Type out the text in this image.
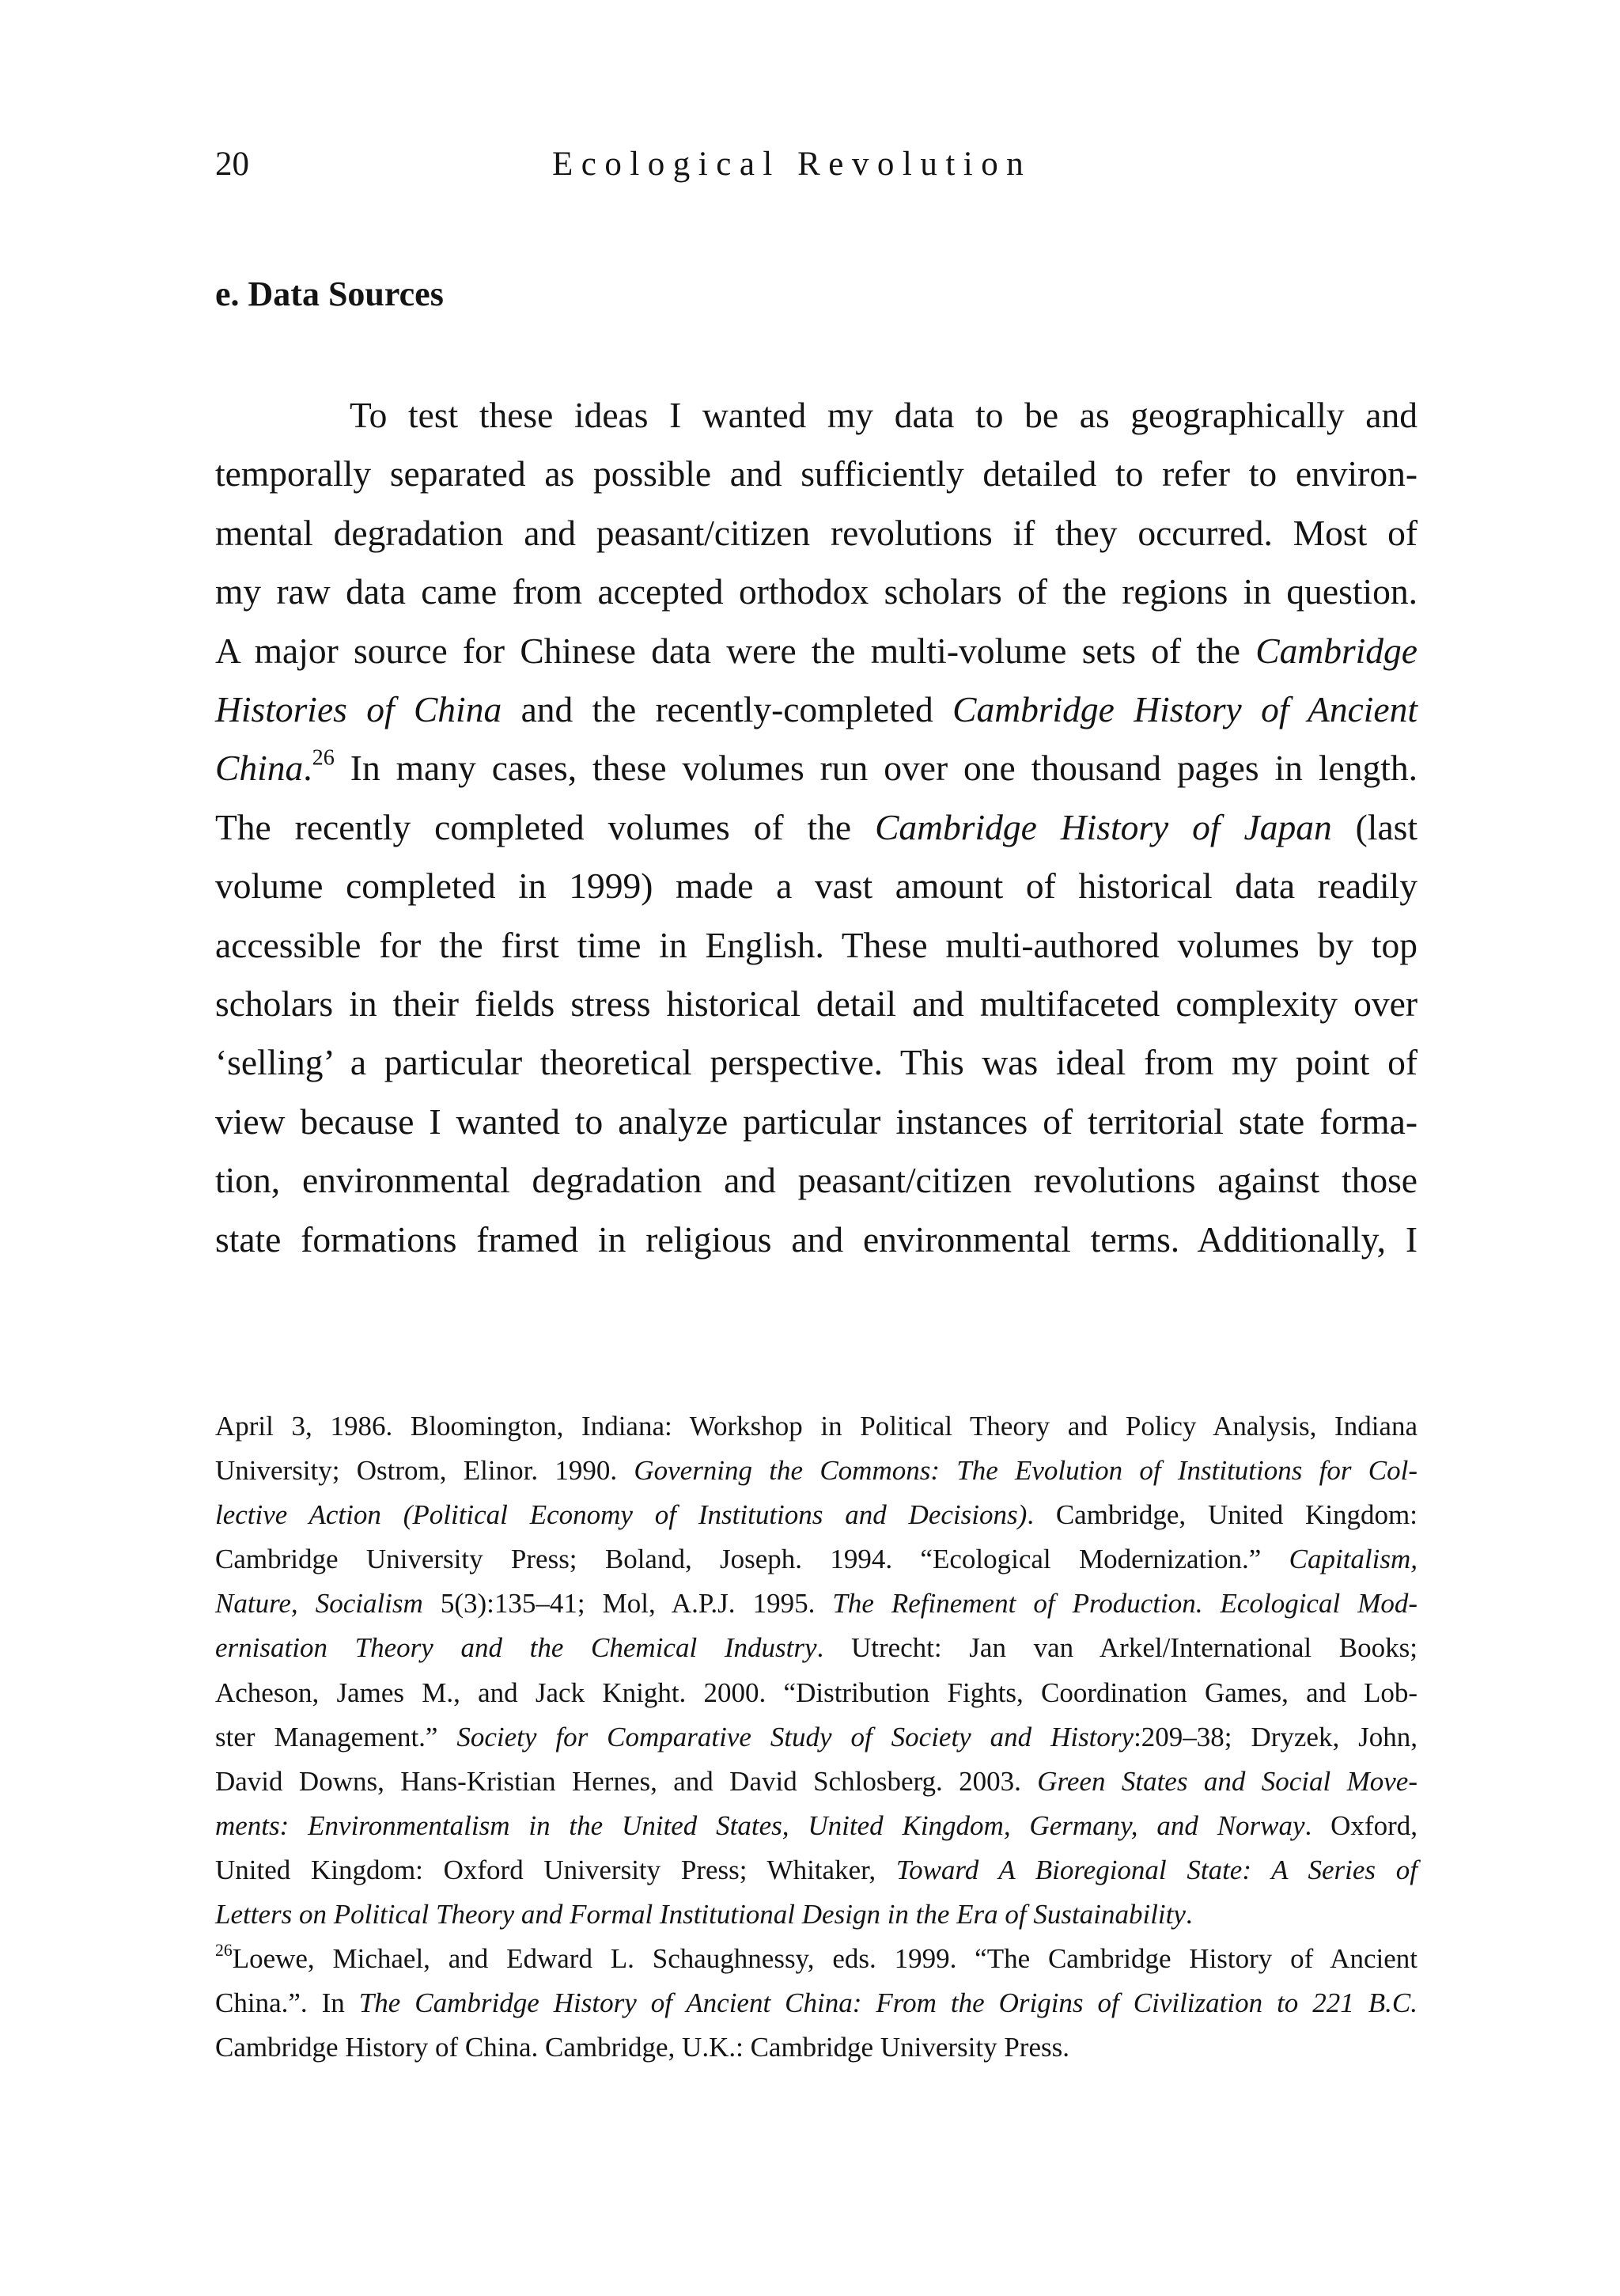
20	Ecological Revolution
e. Data Sources
To test these ideas I wanted my data to be as geographically and
temporally separated as possible and sufficiently detailed to refer to environ-
mental degradation and peasant/citizen revolutions if they occurred. Most of
my raw data came from accepted orthodox scholars of the regions in question.
A major source for Chinese data were the multi-volume sets of the Cambridge
Histories of China and the recently-completed Cambridge History of Ancient
China.$^{26}$ In many cases, these volumes run over one thousand pages in length.
The recently completed volumes of the Cambridge History of Japan (last
volume completed in 1999) made a vast amount of historical data readily
accessible for the first time in English. These multi-authored volumes by top
scholars in their fields stress historical detail and multifaceted complexity over
‘selling’ a particular theoretical perspective. This was ideal from my point of
view because I wanted to analyze particular instances of territorial state forma-
tion, environmental degradation and peasant/citizen revolutions against those
state formations framed in religious and environmental terms. Additionally, I
April 3, 1986. Bloomington, Indiana: Workshop in Political Theory and Policy Analysis, Indiana
University; Ostrom, Elinor. 1990. Governing the Commons: The Evolution of Institutions for Col-
lective Action (Political Economy of Institutions and Decisions). Cambridge, United Kingdom:
Cambridge University Press; Boland, Joseph. 1994. “Ecological Modernization.” Capitalism,
Nature, Socialism 5(3):135–41; Mol, A.P.J. 1995. The Refinement of Production. Ecological Mod-
ernisation Theory and the Chemical Industry. Utrecht: Jan van Arkel/International Books;
Acheson, James M., and Jack Knight. 2000. “Distribution Fights, Coordination Games, and Lob-
ster Management.” Society for Comparative Study of Society and History:209–38; Dryzek, John,
David Downs, Hans-Kristian Hernes, and David Schlosberg. 2003. Green States and Social Move-
ments: Environmentalism in the United States, United Kingdom, Germany, and Norway. Oxford,
United Kingdom: Oxford University Press; Whitaker, Toward A Bioregional State: A Series of
Letters on Political Theory and Formal Institutional Design in the Era of Sustainability.
$^{26}$Loewe, Michael, and Edward L. Schaughnessy, eds. 1999. “The Cambridge History of Ancient
China.”. In The Cambridge History of Ancient China: From the Origins of Civilization to 221 B.C.
Cambridge History of China. Cambridge, U.K.: Cambridge University Press.
